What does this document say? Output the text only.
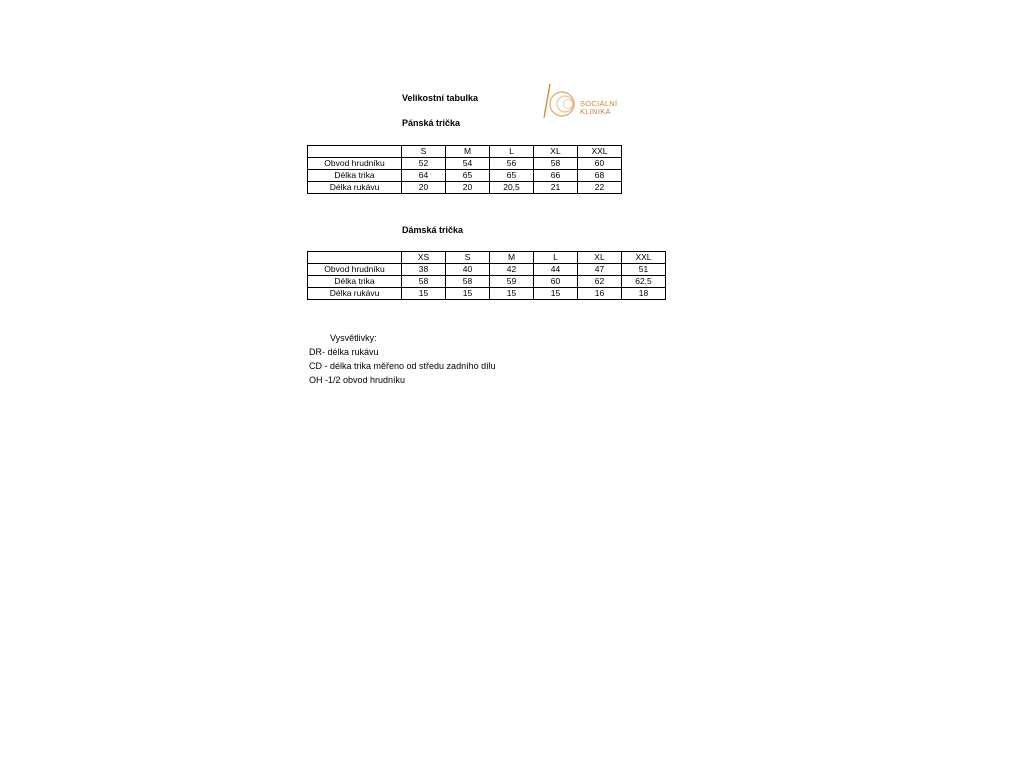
Velikostní tabulka
SOCIÁLNÍ
KLINIKA
Pánská trička
	S	M	L	XL	XXL
Obvod hrudníku	52	54	56	58	60
Délka trika	64	65	65	66	68
Délka rukávu	20	20	20,5	21	22
Dámská trička
	XS	S	M	L	XL	XXL
Obvod hrudníku	38	40	42	44	47	51
Délka trika	58	58	59	60	62	62,5
Délka rukávu	15	15	15	15	16	18
Vysvětlivky:
DR- délka rukávu
CD - délka trika měřeno od středu zadního dílu
OH -1/2 obvod hrudníku
